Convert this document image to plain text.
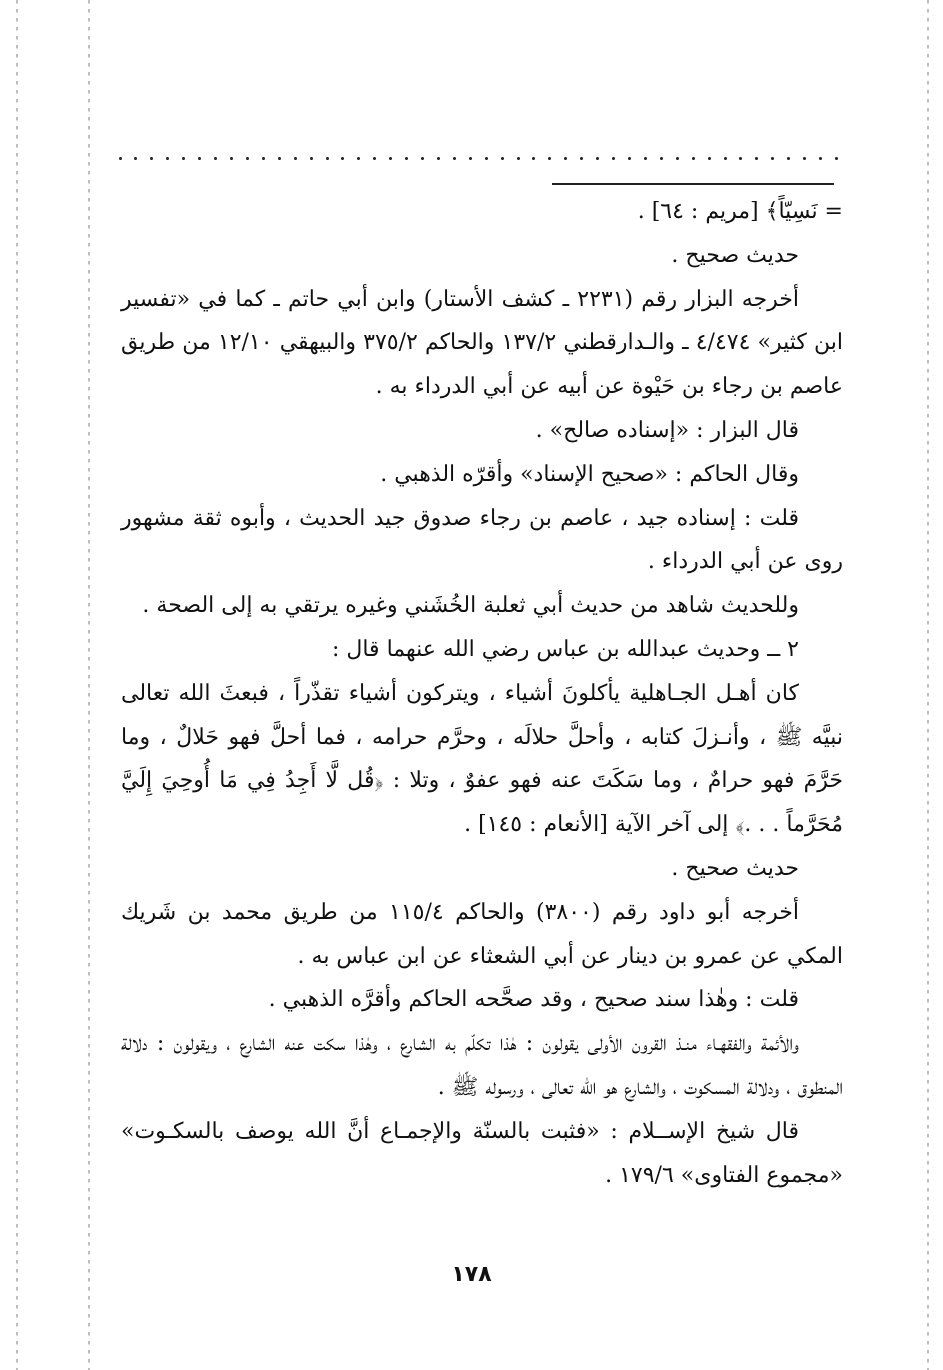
= نَسِيّاً﴾ [مريم : ٦٤] .

حديث صحيح .

أخرجه البزار رقم (٢٢٣١ ـ كشف الأستار) وابن أبي حاتم ـ كما في «تفسير ابن كثير» ٤/٤٧٤ ـ والـدارقطني ١٣٧/٢ والحاكم ٣٧٥/٢ والبيهقي ١٢/١٠ من طريق عاصم بن رجاء بن حَيْوة عن أبيه عن أبي الدرداء به .

قال البزار : «إسناده صالح» .

وقال الحاكم : «صحيح الإسناد» وأقرّه الذهبي .

قلت : إسناده جيد ، عاصم بن رجاء صدوق جيد الحديث ، وأبوه ثقة مشهور روى عن أبي الدرداء .

وللحديث شاهد من حديث أبي ثعلبة الخُشَني وغيره يرتقي به إلى الصحة .

٢ ــ وحديث عبدالله بن عباس رضي الله عنهما قال :

كان أهـل الجـاهلية يأكلونَ أشياء ، ويتركون أشياء تقذّراً ، فبعثَ الله تعالى نبيَّه ﷺ ، وأنـزلَ كتابه ، وأحلَّ حلالَه ، وحرَّم حرامه ، فما أحلَّ فهو حَلالٌ ، وما حَرَّمَ فهو حرامٌ ، وما سَكَتَ عنه فهو عفوٌ ، وتلا : ﴿قُل لَّا أَجِدُ فِي مَا أُوحِيَ إِلَيَّ مُحَرَّماً . . .﴾ إلى آخر الآية [الأنعام : ١٤٥] .

حديث صحيح .

أخرجه أبو داود رقم (٣٨٠٠) والحاكم ١١٥/٤ من طريق محمد بن شَريك المكي عن عمرو بن دينار عن أبي الشعثاء عن ابن عباس به .

قلت : وهٰذا سند صحيح ، وقد صحَّحه الحاكم وأقرَّه الذهبي .

والأئمة والفقهـاء منـذ القرون الأولى يقولون : هٰذا تكلّم به الشارع ، وهٰذا سكت عنه الشارع ، ويقولون : دلالة المنطوق ، ودلالة المسكوت ، والشارع هو الله تعالى ، ورسوله ﷺ .

قال شيخ الإســلام : «فثبت بالسنّة والإجمـاع أنَّ الله يوصف بالسكـوت» «مجموع الفتاوى» ١٧٩/٦ .

١٧٨
